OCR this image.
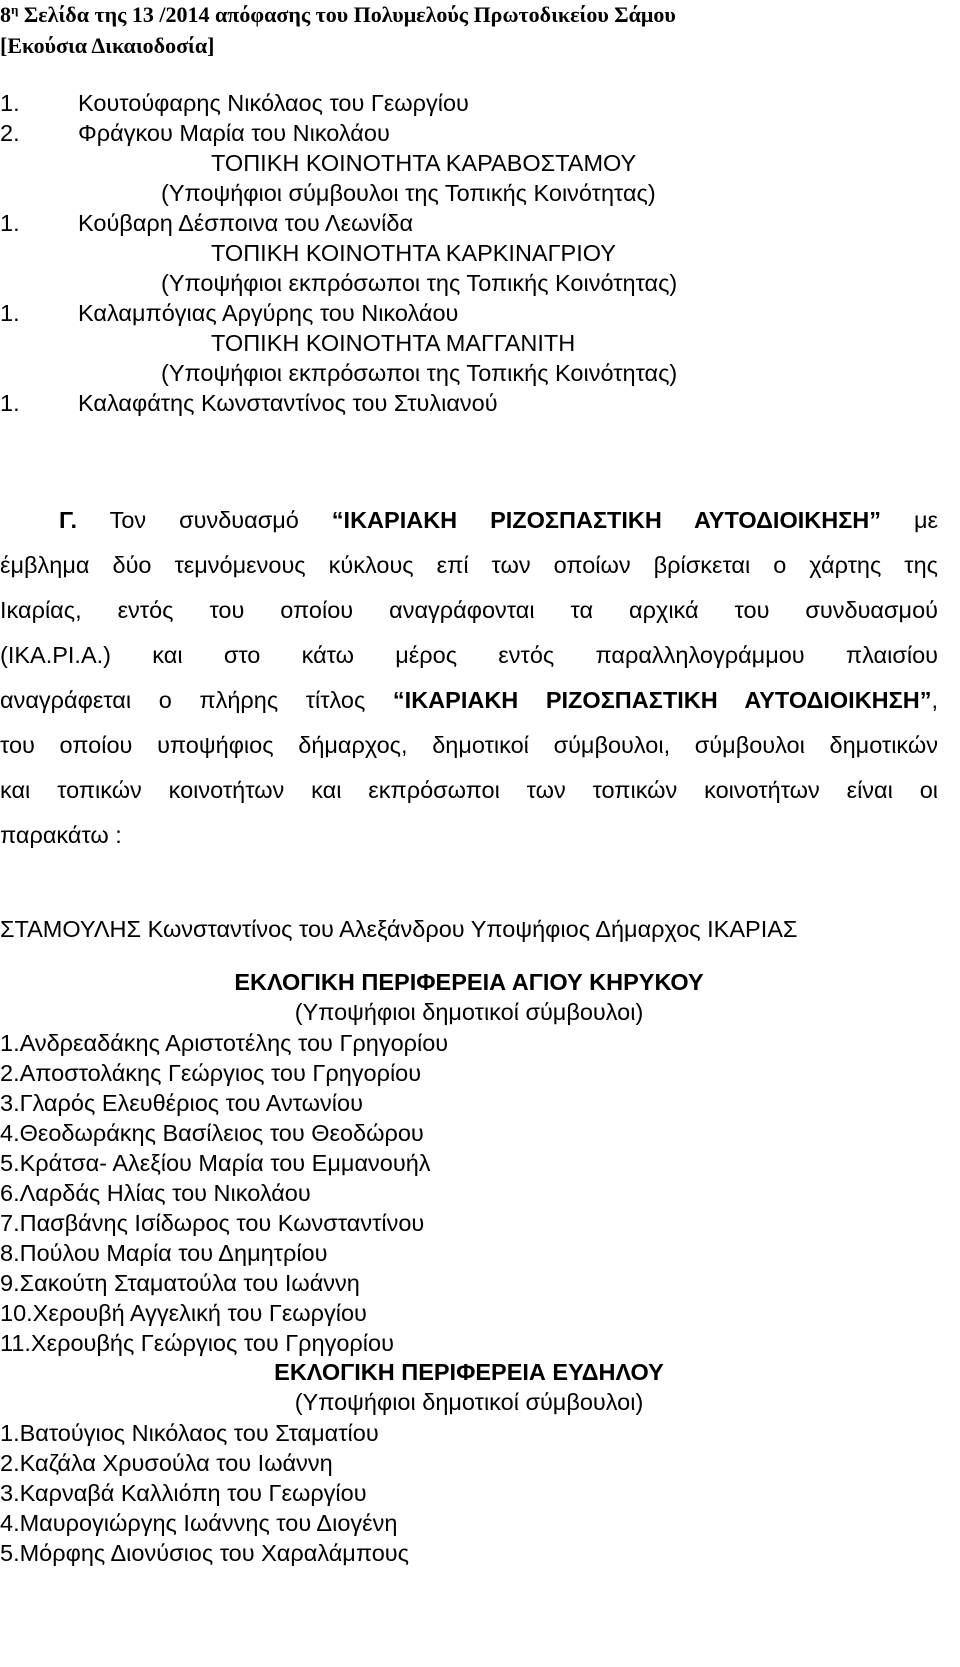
$8^\eta$ Σελίδα της 13 /2014 απόφασης του Πολυμελούς Πρωτοδικείου Σάμου
[Εκούσια Δικαιοδοσία]
1. Κουτούφαρης Νικόλαος του Γεωργίου
2. Φράγκου Μαρία του Νικολάου
ΤΟΠΙΚΗ ΚΟΙΝΟΤΗΤΑ ΚΑΡΑΒΟΣΤΑΜΟΥ
(Υποψήφιοι σύμβουλοι της Τοπικής Κοινότητας)
1. Κούβαρη Δέσποινα του Λεωνίδα
ΤΟΠΙΚΗ ΚΟΙΝΟΤΗΤΑ ΚΑΡΚΙΝΑΓΡΙΟΥ
(Υποψήφιοι εκπρόσωποι της Τοπικής Κοινότητας)
1. Καλαμπόγιας Αργύρης του Νικολάου
ΤΟΠΙΚΗ ΚΟΙΝΟΤΗΤΑ ΜΑΓΓΑΝΙΤΗ
(Υποψήφιοι εκπρόσωποι της Τοπικής Κοινότητας)
1. Καλαφάτης Κωνσταντίνος του Στυλιανού
Γ. Τον συνδυασμό “ΙΚΑΡΙΑΚΗ ΡΙΖΟΣΠΑΣΤΙΚΗ ΑΥΤΟΔΙΟΙΚΗΣΗ” με
έμβλημα δύο τεμνόμενους κύκλους επί των οποίων βρίσκεται ο χάρτης της
Ικαρίας, εντός του οποίου αναγράφονται τα αρχικά του συνδυασμού
(ΙΚΑ.ΡΙ.Α.) και στο κάτω μέρος εντός παραλληλογράμμου πλαισίου
αναγράφεται ο πλήρης τίτλος “ΙΚΑΡΙΑΚΗ ΡΙΖΟΣΠΑΣΤΙΚΗ ΑΥΤΟΔΙΟΙΚΗΣΗ”,
του οποίου υποψήφιος δήμαρχος, δημοτικοί σύμβουλοι, σύμβουλοι δημοτικών
και τοπικών κοινοτήτων και εκπρόσωποι των τοπικών κοινοτήτων είναι οι
παρακάτω :
ΣΤΑΜΟΥΛΗΣ Κωνσταντίνος του Αλεξάνδρου Υποψήφιος Δήμαρχος ΙΚΑΡΙΑΣ
ΕΚΛΟΓΙΚΗ ΠΕΡΙΦΕΡΕΙΑ ΑΓΙΟΥ ΚΗΡΥΚΟΥ
(Υποψήφιοι δημοτικοί σύμβουλοι)
1.Ανδρεαδάκης Αριστοτέλης του Γρηγορίου
2.Αποστολάκης Γεώργιος του Γρηγορίου
3.Γλαρός Ελευθέριος του Αντωνίου
4.Θεοδωράκης Βασίλειος του Θεοδώρου
5.Κράτσα- Αλεξίου Μαρία του Εμμανουήλ
6.Λαρδάς Ηλίας του Νικολάου
7.Πασβάνης Ισίδωρος του Κωνσταντίνου
8.Πούλου Μαρία του Δημητρίου
9.Σακούτη Σταματούλα του Ιωάννη
10.Χερουβή Αγγελική του Γεωργίου
11.Χερουβής Γεώργιος του Γρηγορίου
ΕΚΛΟΓΙΚΗ ΠΕΡΙΦΕΡΕΙΑ ΕΥΔΗΛΟΥ
(Υποψήφιοι δημοτικοί σύμβουλοι)
1.Βατούγιος Νικόλαος του Σταματίου
2.Καζάλα Χρυσούλα του Ιωάννη
3.Καρναβά Καλλιόπη του Γεωργίου
4.Μαυρογιώργης Ιωάννης του Διογένη
5.Μόρφης Διονύσιος του Χαραλάμπους
